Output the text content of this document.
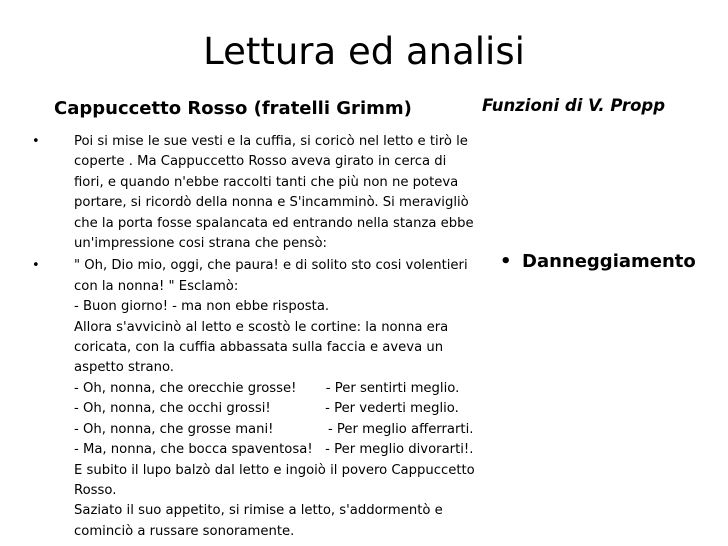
Lettura ed analisi
Cappuccetto Rosso (fratelli Grimm)	Funzioni di V. Propp
•	Poi si mise le sue vesti e la cuffia, si coricò nel letto e tirò le
coperte . Ma Cappuccetto Rosso aveva girato in cerca di
fiori, e quando n'ebbe raccolti tanti che più non ne poteva
portare, si ricordò della nonna e S'incamminò. Si meravigliò
che la porta fosse spalancata ed entrando nella stanza ebbe
un'impressione cosi strana che pensò:
•	" Oh, Dio mio, oggi, che paura! e di solito sto cosi volentieri
con la nonna! " Esclamò:
- Buon giorno! - ma non ebbe risposta.
Allora s'avvicinò al letto e scostò le cortine: la nonna era
coricata, con la cuffia abbassata sulla faccia e aveva un
aspetto strano.
- Oh, nonna, che orecchie grosse!       - Per sentirti meglio.
- Oh, nonna, che occhi grossi!             - Per vederti meglio.
- Oh, nonna, che grosse mani!             - Per meglio afferrarti.
- Ma, nonna, che bocca spaventosa!   - Per meglio divorarti!.
E subito il lupo balzò dal letto e ingoiò il povero Cappuccetto
Rosso.
Saziato il suo appetito, si rimise a letto, s'addormentò e
cominciò a russare sonoramente.
• Danneggiamento
